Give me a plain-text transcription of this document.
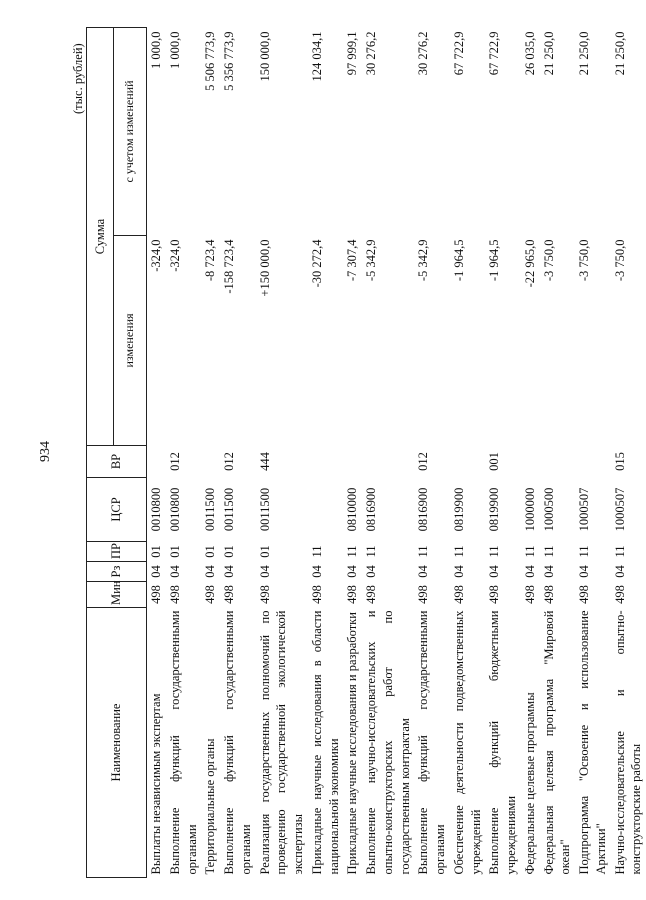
934
(тыс. рублей)
Наименование	Мин	Рз	ПР	ЦСР	ВР	Сумма	
						изменения	с учетом изменений
Выплаты независимым экспертам	498	04	01	0010800		-324,0	1 000,0
Выполнение функций государственными органами	498	04	01	0010800	012	-324,0	1 000,0
Территориальные органы	498	04	01	0011500		-8 723,4	5 506 773,9
Выполнение функций государственными органами	498	04	01	0011500	012	-158 723,4	5 356 773,9
Реализация государственных полномочий по проведению государственной экологической экспертизы	498	04	01	0011500	444	+150 000,0	150 000,0
Прикладные научные исследования в области национальной экономики	498	04	11			-30 272,4	124 034,1
Прикладные научные исследования и разработки	498	04	11	0810000		-7 307,4	97 999,1
Выполнение научно-исследовательских и опытно-конструкторских работ по государственным контрактам	498	04	11	0816900		-5 342,9	30 276,2
Выполнение функций государственными органами	498	04	11	0816900	012	-5 342,9	30 276,2
Обеспечение деятельности подведомственных учреждений	498	04	11	0819900		-1 964,5	67 722,9
Выполнение функций бюджетными учреждениями	498	04	11	0819900	001	-1 964,5	67 722,9
Федеральные целевые программы	498	04	11	1000000		-22 965,0	26 035,0
Федеральная целевая программа "Мировой океан"	498	04	11	1000500		-3 750,0	21 250,0
Подпрограмма "Освоение и использование Арктики"	498	04	11	1000507		-3 750,0	21 250,0
Научно-исследовательские и опытно-конструкторские работы	498	04	11	1000507	015	-3 750,0	21 250,0
